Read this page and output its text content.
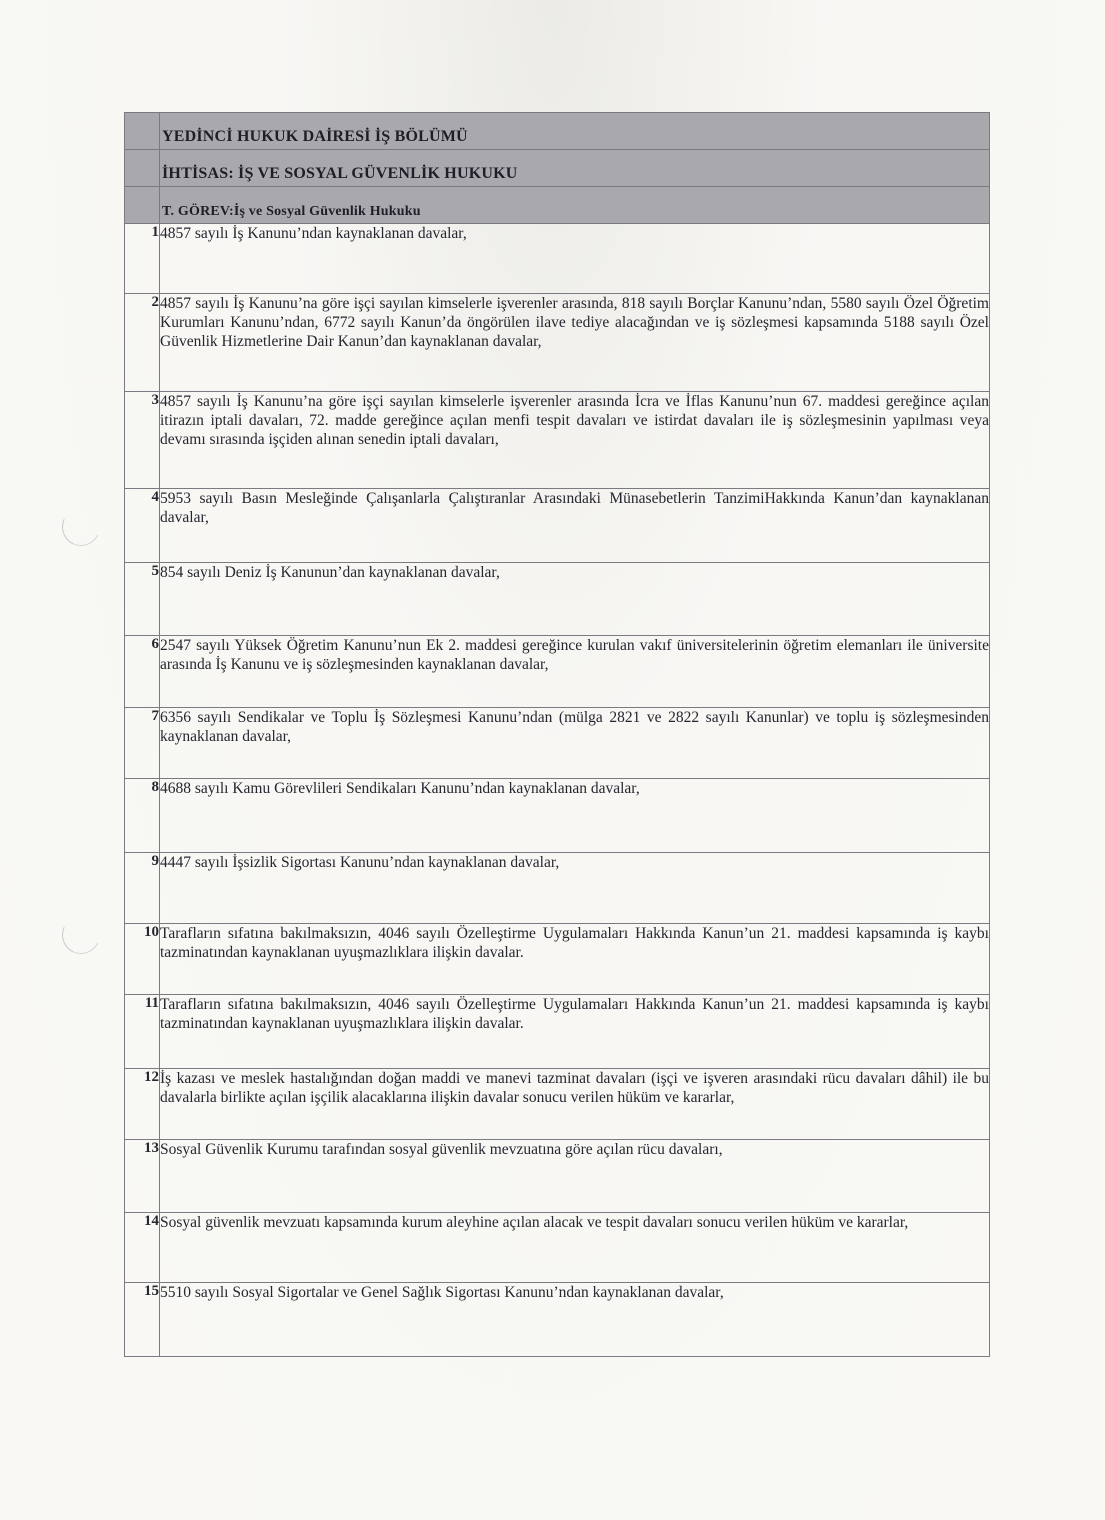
	YEDİNCİ HUKUK DAİRESİ İŞ BÖLÜMÜ
	İHTİSAS: İŞ VE SOSYAL GÜVENLİK HUKUKU
	T. GÖREV:İş ve Sosyal Güvenlik Hukuku
1	4857 sayılı İş Kanunu’ndan kaynaklanan davalar,
2	4857 sayılı İş Kanunu’na göre işçi sayılan kimselerle işverenler arasında, 818 sayılı Borçlar Kanunu’ndan, 5580 sayılı Özel Öğretim Kurumları Kanunu’ndan, 6772 sayılı Kanun’da öngörülen ilave tediye alacağından ve iş sözleşmesi kapsamında 5188 sayılı Özel Güvenlik Hizmetlerine Dair Kanun’dan kaynaklanan davalar,
3	4857 sayılı İş Kanunu’na göre işçi sayılan kimselerle işverenler arasında İcra ve İflas Kanunu’nun 67. maddesi gereğince açılan itirazın iptali davaları, 72. madde gereğince açılan menfi tespit davaları ve istirdat davaları ile iş sözleşmesinin yapılması veya devamı sırasında işçiden alınan senedin iptali davaları,
4	5953 sayılı Basın Mesleğinde Çalışanlarla Çalıştıranlar Arasındaki Münasebetlerin TanzimiHakkında Kanun’dan kaynaklanan davalar,
5	854 sayılı Deniz İş Kanunun’dan kaynaklanan davalar,
6	2547 sayılı Yüksek Öğretim Kanunu’nun Ek 2. maddesi gereğince kurulan vakıf üniversitelerinin öğretim elemanları ile üniversite arasında İş Kanunu ve iş sözleşmesinden kaynaklanan davalar,
7	6356 sayılı Sendikalar ve Toplu İş Sözleşmesi Kanunu’ndan (mülga 2821 ve 2822 sayılı Kanunlar) ve toplu iş sözleşmesinden kaynaklanan davalar,
8	4688 sayılı Kamu Görevlileri Sendikaları Kanunu’ndan kaynaklanan davalar,
9	4447 sayılı İşsizlik Sigortası Kanunu’ndan kaynaklanan davalar,
10	Tarafların sıfatına bakılmaksızın, 4046 sayılı Özelleştirme Uygulamaları Hakkında Kanun’un 21. maddesi kapsamında iş kaybı tazminatından kaynaklanan uyuşmazlıklara ilişkin davalar.
11	Tarafların sıfatına bakılmaksızın, 4046 sayılı Özelleştirme Uygulamaları Hakkında Kanun’un 21. maddesi kapsamında iş kaybı tazminatından kaynaklanan uyuşmazlıklara ilişkin davalar.
12	İş kazası ve meslek hastalığından doğan maddi ve manevi tazminat davaları (işçi ve işveren arasındaki rücu davaları dâhil) ile bu davalarla birlikte açılan işçilik alacaklarına ilişkin davalar sonucu verilen hüküm ve kararlar,
13	Sosyal Güvenlik Kurumu tarafından sosyal güvenlik mevzuatına göre açılan rücu davaları,
14	Sosyal güvenlik mevzuatı kapsamında kurum aleyhine açılan alacak ve tespit davaları sonucu verilen hüküm ve kararlar,
15	5510 sayılı Sosyal Sigortalar ve Genel Sağlık Sigortası Kanunu’ndan kaynaklanan davalar,
